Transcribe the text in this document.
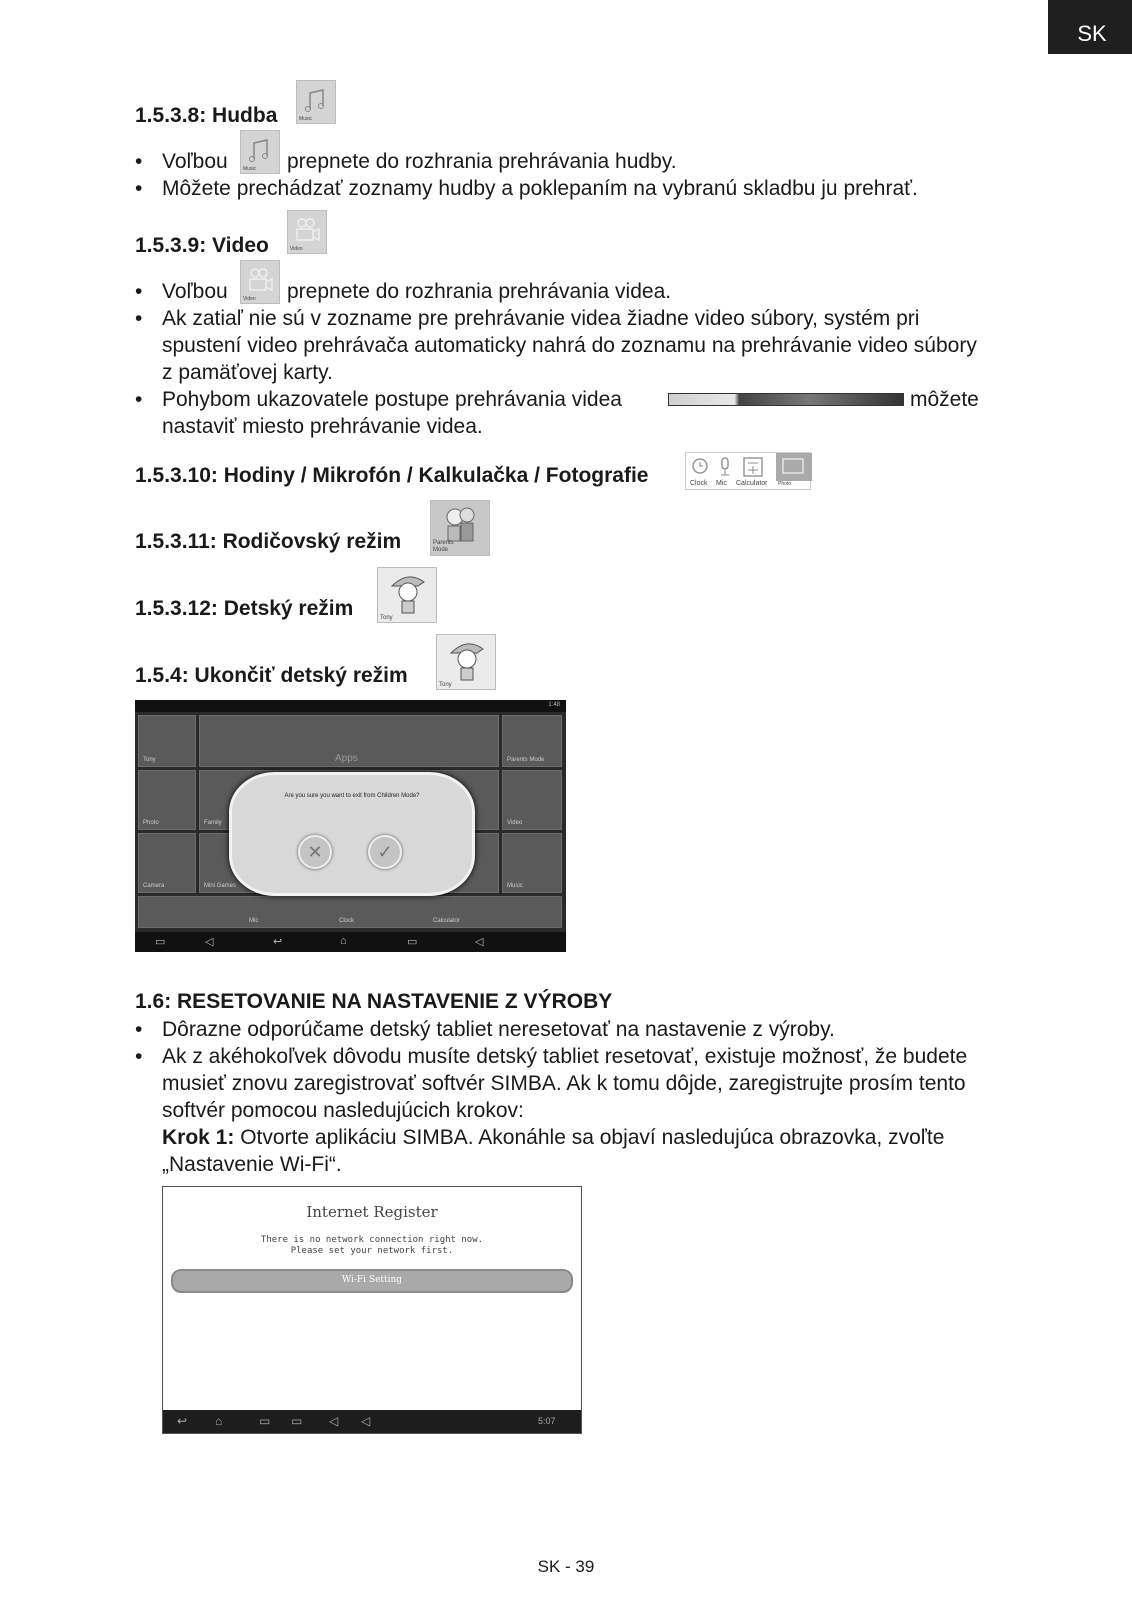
SK
1.5.3.8: Hudba	Music
• Voľbou	Music prepnete do rozhrania prehrávania hudby.
• Môžete prechádzať zoznamy hudby a poklepaním na vybranú skladbu ju prehrať.
1.5.3.9: Video	Video
• Voľbou	Video prepnete do rozhrania prehrávania videa.
• Ak zatiaľ nie sú v zozname pre prehrávanie videa žiadne video súbory, systém pri
spustení video prehrávača automaticky nahrá do zoznamu na prehrávanie video súbory
z pamäťovej karty.
• Pohybom ukazovatele postupe prehrávania videa	môžete
nastaviť miesto prehrávanie videa.
1.5.3.10: Hodiny / Mikrofón / Kalkulačka / Fotografie	Clock Mic Calculator Photo
1.5.3.11: Rodičovský režim	Parents Mode
1.5.3.12: Detský režim	Tony
1.5.4: Ukončiť detský režim	Tony
1:48
Tony	Apps	Parents Mode
Photo	Family	Video
Camera	Mini Games	Music
Mic	Clock	Calculator
Are you sure you want to exit from Children Mode?
✕	✓
▭	◁	↩	⌂	▭	◁
1.6: RESETOVANIE NA NASTAVENIE Z VÝROBY
• Dôrazne odporúčame detský tabliet neresetovať na nastavenie z výroby.
• Ak z akéhokoľvek dôvodu musíte detský tabliet resetovať, existuje možnosť, že budete
musieť znovu zaregistrovať softvér SIMBA. Ak k tomu dôjde, zaregistrujte prosím tento
softvér pomocou nasledujúcich krokov:
Krok 1: Otvorte aplikáciu SIMBA. Akonáhle sa objaví nasledujúca obrazovka, zvoľte
„Nastavenie Wi-Fi“.
Internet Register
There is no network connection right now.
Please set your network first.
Wi-Fi Setting
↩ ⌂	▭ ▭ ◁ ◁	5:07
SK - 39
